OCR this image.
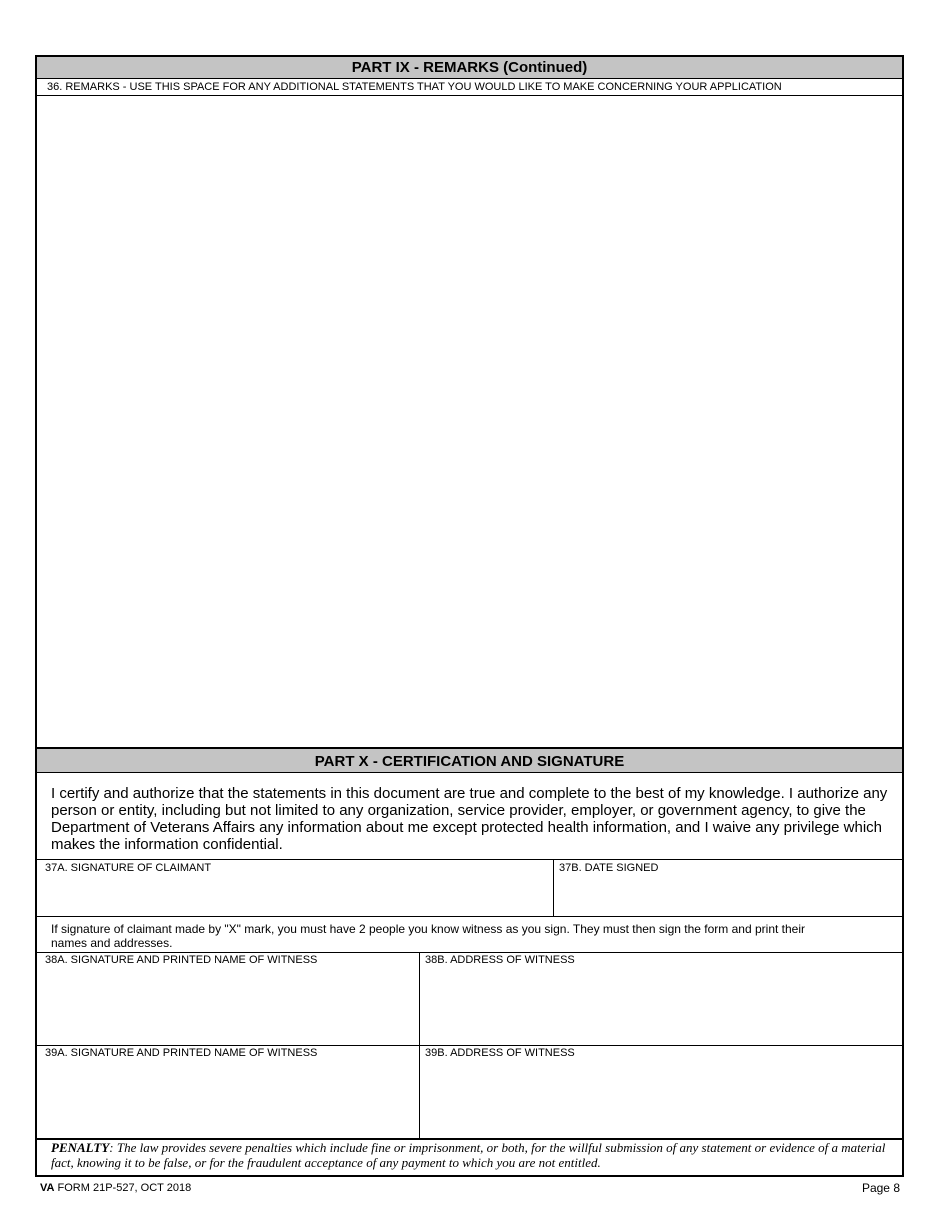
PART IX - REMARKS (Continued)
36. REMARKS - USE THIS SPACE FOR ANY ADDITIONAL STATEMENTS THAT YOU WOULD LIKE TO MAKE CONCERNING YOUR APPLICATION
PART X - CERTIFICATION AND SIGNATURE
I certify and authorize that the statements in this document are true and complete to the best of my knowledge. I authorize any person or entity, including but not limited to any organization, service provider, employer, or government agency, to give the Department of Veterans Affairs any information about me except protected health information, and I waive any privilege which makes the information confidential.
37A. SIGNATURE OF CLAIMANT	37B. DATE SIGNED
If signature of claimant made by "X" mark, you must have 2 people you know witness as you sign. They must then sign the form and print their names and addresses.
38A. SIGNATURE AND PRINTED NAME OF WITNESS	38B. ADDRESS OF WITNESS
39A. SIGNATURE AND PRINTED NAME OF WITNESS	39B. ADDRESS OF WITNESS
PENALTY: The law provides severe penalties which include fine or imprisonment, or both, for the willful submission of any statement or evidence of a material fact, knowing it to be false, or for the fraudulent acceptance of any payment to which you are not entitled.
VA FORM 21P-527, OCT 2018	Page 8
